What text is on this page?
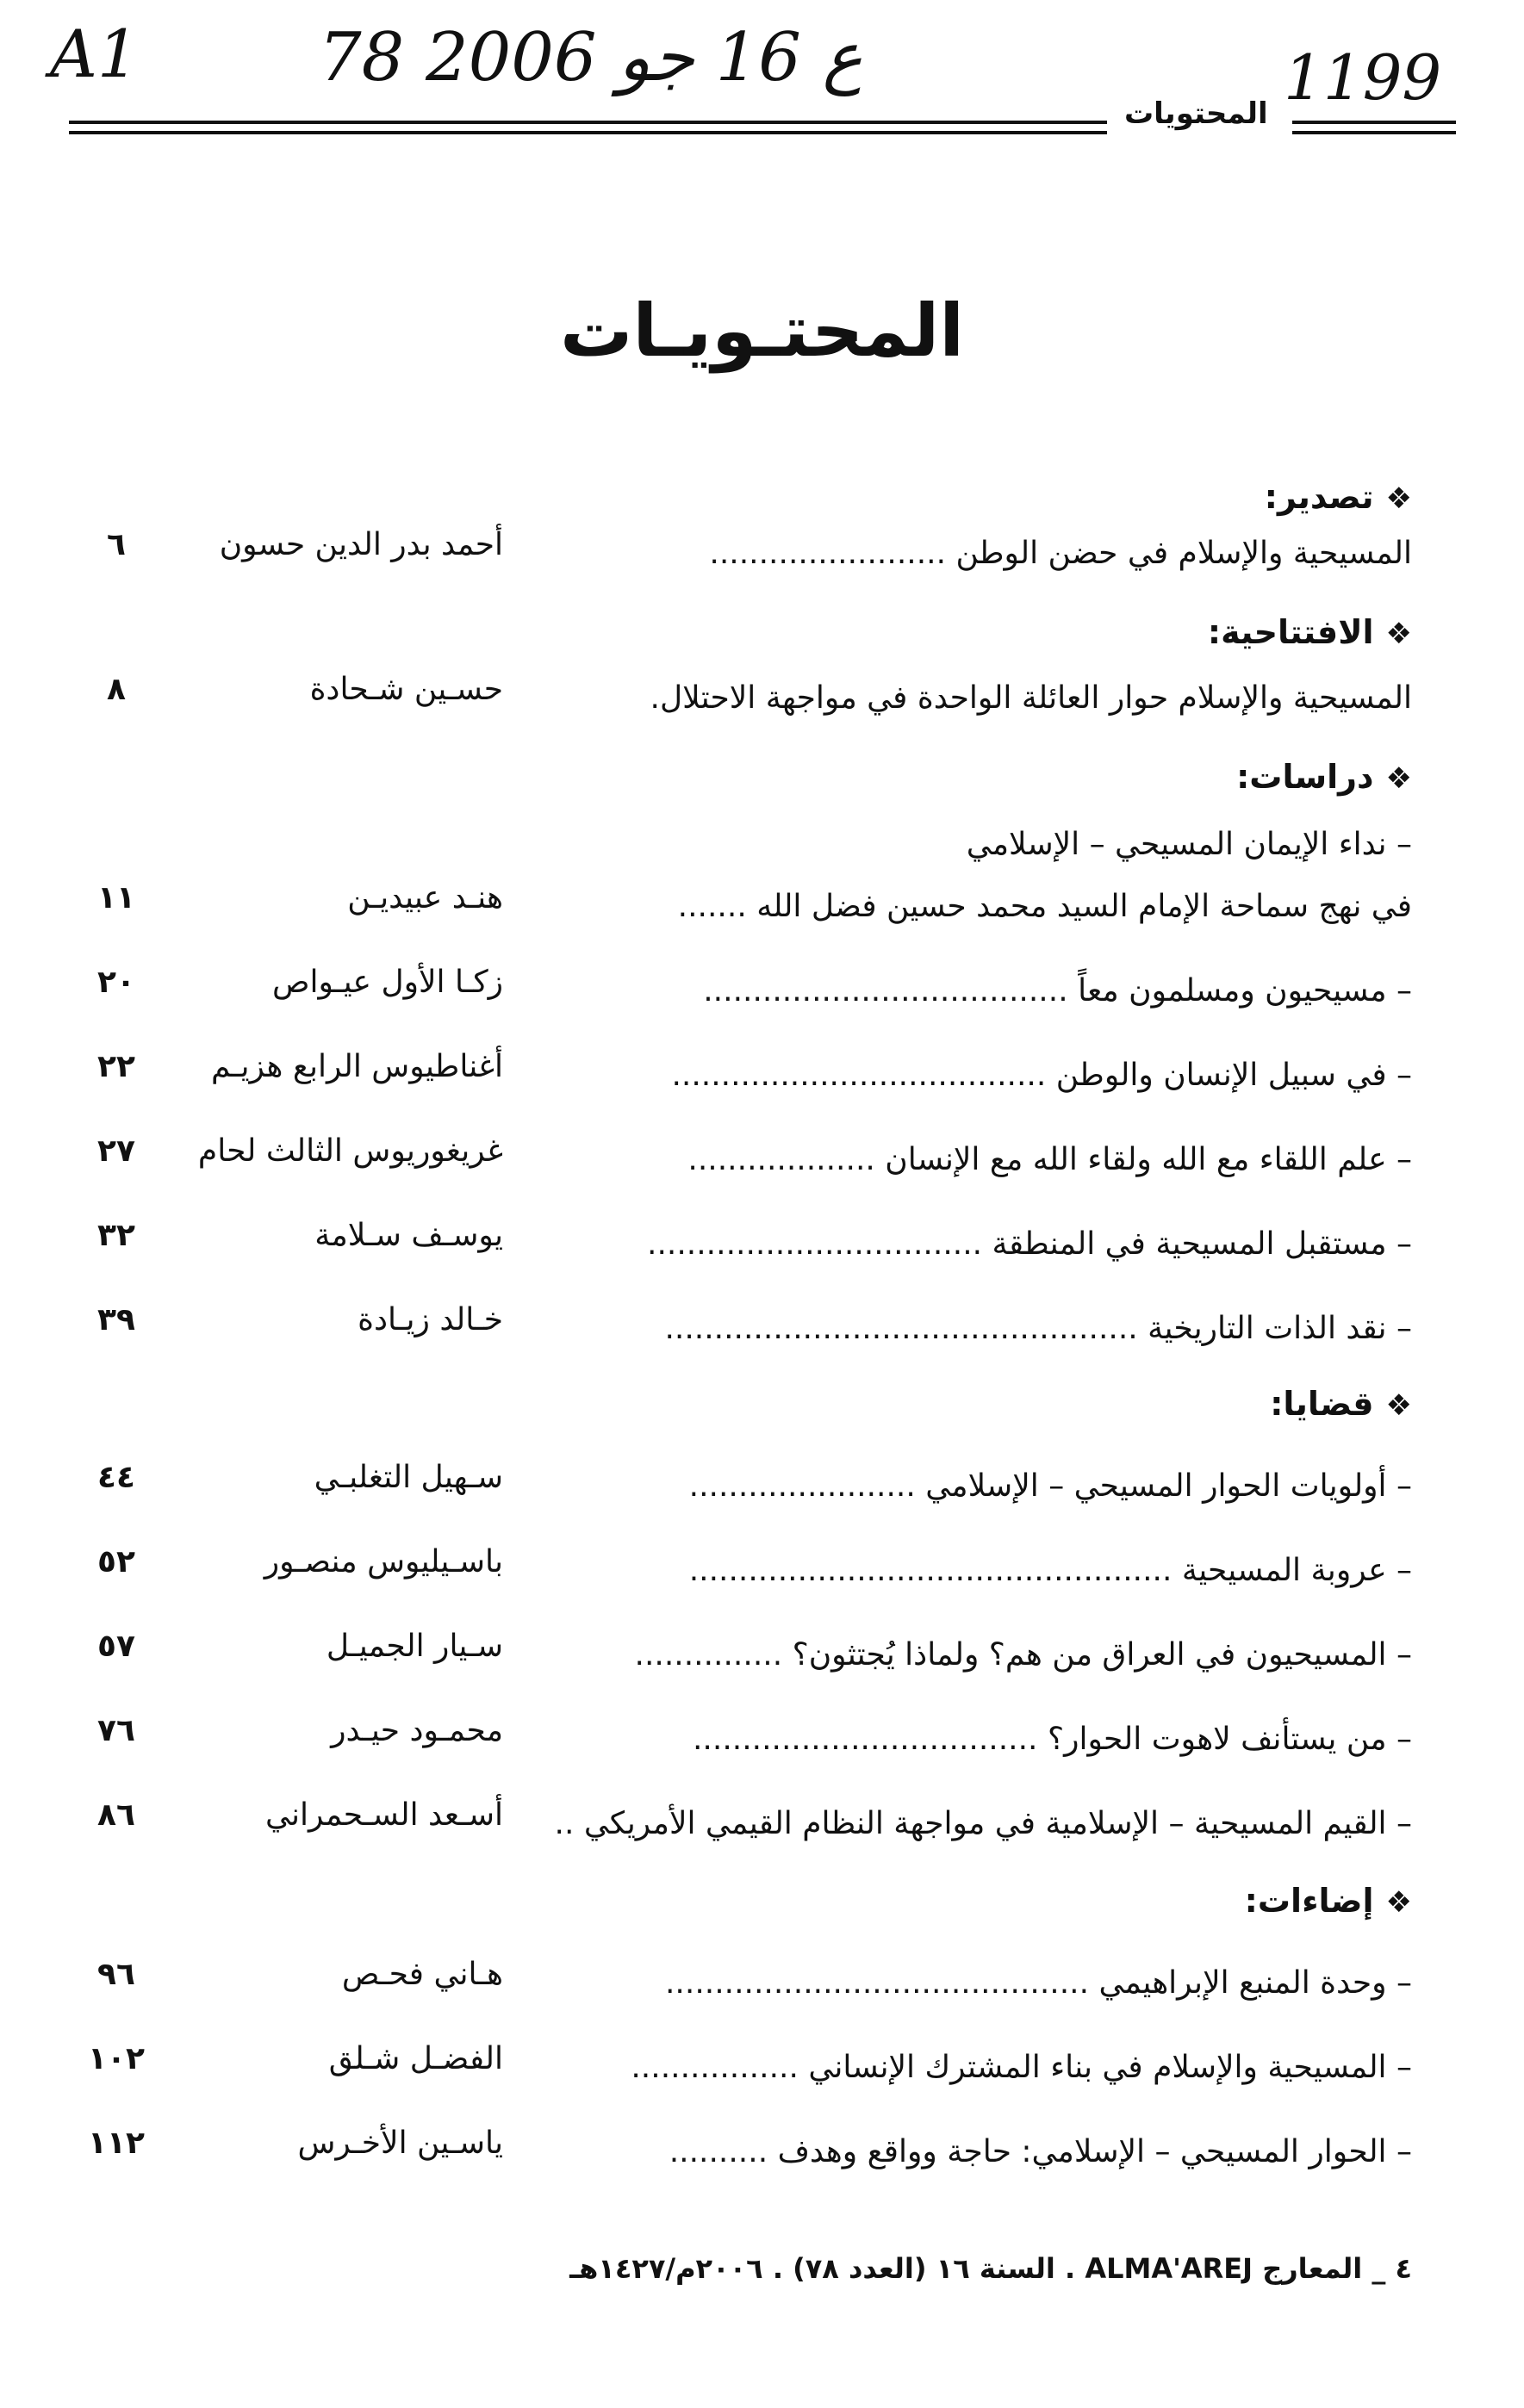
A1	78 ع 16 جو 2006	1199
المحتويات
المحتـويـات
❖تصدير:
المسيحية والإسلام في حضن الوطن ........................
أحمد بدر الدين حسون
٦
❖الافتتاحية:
المسيحية والإسلام حوار العائلة الواحدة في مواجهة الاحتلال.
حسـين شـحادة
٨
❖دراسات:
– نداء الإيمان المسيحي – الإسلامي
في نهج سماحة الإمام السيد محمد حسين فضل الله .......
هنـد عبيديـن
١١
– مسيحيون ومسلمون معاً .....................................
زكـا الأول عيـواص
٢٠
– في سبيل الإنسان والوطن ......................................
أغناطيوس الرابع هزيـم
٢٢
– علم اللقاء مع الله ولقاء الله مع الإنسان ...................
غريغوريوس الثالث لحام
٢٧
– مستقبل المسيحية في المنطقة ..................................
يوسـف سـلامة
٣٢
– نقد الذات التاريخية ................................................
خـالد زيـادة
٣٩
❖قضايا:
– أولويات الحوار المسيحي – الإسلامي .......................
سـهيل التغلبـي
٤٤
– عروبة المسيحية .................................................
باسـيليوس منصـور
٥٢
– المسيحيون في العراق من هم؟ ولماذا يُجتثون؟ ...............
سـيار الجميـل
٥٧
– من يستأنف لاهوت الحوار؟ ...................................
محمـود حيـدر
٧٦
– القيم المسيحية – الإسلامية في مواجهة النظام القيمي الأمريكي ..
أسـعد السـحمراني
٨٦
❖إضاءات:
– وحدة المنبع الإبراهيمي ...........................................
هـاني فحـص
٩٦
– المسيحية والإسلام في بناء المشترك الإنساني .................
الفضـل شـلق
١٠٢
– الحوار المسيحي – الإسلامي: حاجة وواقع وهدف ..........
ياسـين الأخـرس
١١٢
٤ _ المعارج ALMA'AREJ . السنة ١٦ (العدد ٧٨) . ٢٠٠٦م/١٤٢٧هـ
